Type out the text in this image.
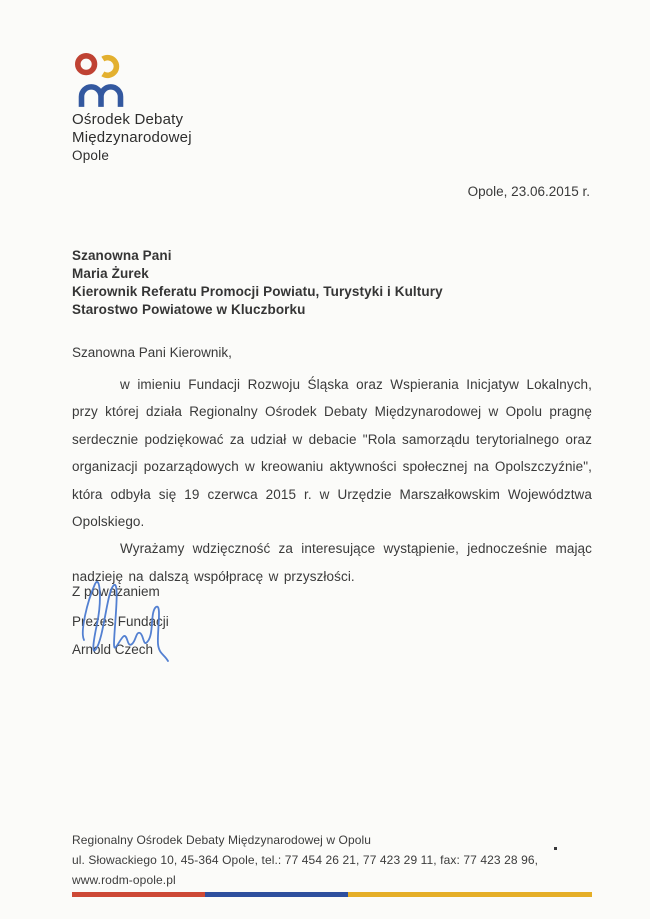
Ośrodek Debaty
Międzynarodowej
Opole
Opole, 23.06.2015 r.
Szanowna Pani
Maria Żurek
Kierownik Referatu Promocji Powiatu, Turystyki i Kultury
Starostwo Powiatowe w Kluczborku
Szanowna Pani Kierownik,

w imieniu Fundacji Rozwoju Śląska oraz Wspierania Inicjatyw Lokalnych, przy której działa Regionalny Ośrodek Debaty Międzynarodowej w Opolu pragnę serdecznie podziękować za udział w debacie "Rola samorządu terytorialnego oraz organizacji pozarządowych w kreowaniu aktywności społecznej na Opolszczyźnie", która odbyła się 19 czerwca 2015 r. w Urzędzie Marszałkowskim Województwa Opolskiego.

Wyrażamy wdzięczność za interesujące wystąpienie, jednocześnie mając nadzieję na dalszą współpracę w przyszłości.

Z poważaniem
Prezes Fundacji
Arnold Czech
Regionalny Ośrodek Debaty Międzynarodowej w Opolu
ul. Słowackiego 10, 45-364 Opole, tel.: 77 454 26 21, 77 423 29 11, fax: 77 423 28 96, www.rodm-opole.pl
